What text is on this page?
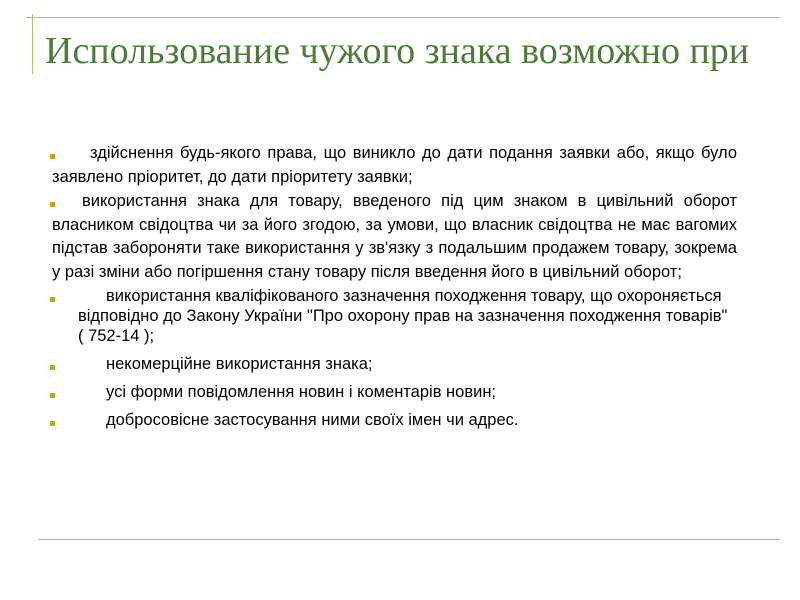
Использование чужого знака возможно при
здійснення будь-якого права, що виникло до дати подання заявки або, якщо було заявлено пріоритет, до дати пріоритету заявки;
використання знака для товару, введеного під цим знаком в цивільний оборот власником свідоцтва чи за його згодою, за умови, що власник свідоцтва не має вагомих підстав забороняти таке використання у зв'язку з подальшим продажем товару, зокрема у разі зміни або погіршення стану товару після введення його в цивільний оборот;
використання кваліфікованого зазначення походження товару, що охороняється відповідно до Закону України "Про охорону прав на зазначення походження товарів" ( 752-14 );
некомерційне використання знака;
усі форми повідомлення новин і коментарів новин;
добросовісне застосування ними своїх імен чи адрес.
